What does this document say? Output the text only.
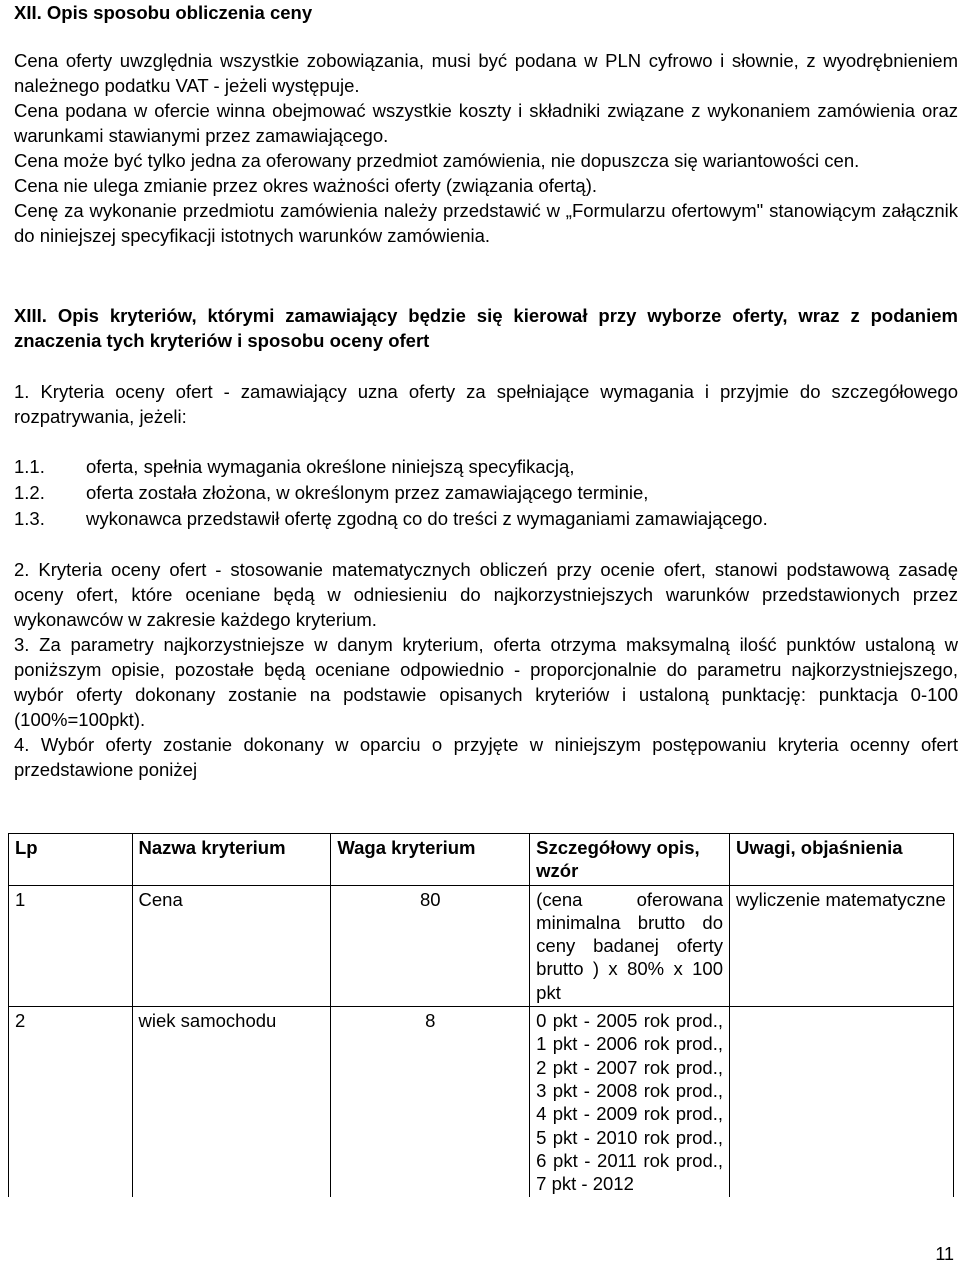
XII. Opis sposobu obliczenia ceny

Cena oferty uwzględnia wszystkie zobowiązania, musi być podana w PLN cyfrowo i słownie, z wyodrębnieniem należnego podatku VAT - jeżeli występuje.

Cena podana w ofercie winna obejmować wszystkie koszty i składniki związane z wykonaniem zamówienia oraz warunkami stawianymi przez zamawiającego.

Cena może być tylko jedna za oferowany przedmiot zamówienia, nie dopuszcza się wariantowości cen.

Cena nie ulega zmianie przez okres ważności oferty (związania ofertą).

Cenę za wykonanie przedmiotu zamówienia należy przedstawić w „Formularzu ofertowym" stanowiącym załącznik do niniejszej specyfikacji istotnych warunków zamówienia.

XIII. Opis kryteriów, którymi zamawiający będzie się kierował przy wyborze oferty, wraz z podaniem znaczenia tych kryteriów i sposobu oceny ofert

1. Kryteria oceny ofert - zamawiający uzna oferty za spełniające wymagania i przyjmie do szczegółowego rozpatrywania, jeżeli:

1.1.	oferta, spełnia wymagania określone niniejszą specyfikacją,
1.2.	oferta została złożona, w określonym przez zamawiającego terminie,
1.3.	wykonawca przedstawił ofertę zgodną co do treści z wymaganiami zamawiającego.

2. Kryteria oceny ofert - stosowanie matematycznych obliczeń przy ocenie ofert, stanowi podstawową zasadę oceny ofert, które oceniane będą w odniesieniu do najkorzystniejszych warunków przedstawionych przez wykonawców w zakresie każdego kryterium.

3. Za parametry najkorzystniejsze w danym kryterium, oferta otrzyma maksymalną ilość punktów ustaloną w poniższym opisie, pozostałe będą oceniane odpowiednio - proporcjonalnie do parametru najkorzystniejszego, wybór oferty dokonany zostanie na podstawie opisanych kryteriów i ustaloną punktację: punktacja 0-100 (100%=100pkt).

4. Wybór oferty zostanie dokonany w oparciu o przyjęte w niniejszym postępowaniu kryteria ocenny ofert przedstawione poniżej

Lp	Nazwa kryterium	Waga kryterium	Szczegółowy opis, wzór	Uwagi, objaśnienia
1	Cena	80	(cena oferowana minimalna brutto do ceny badanej oferty brutto ) x 80% x 100 pkt	wyliczenie matematyczne
2	wiek samochodu	8	0 pkt - 2005 rok prod., 1 pkt - 2006 rok prod., 2 pkt - 2007 rok prod., 3 pkt - 2008 rok prod., 4 pkt - 2009 rok prod., 5 pkt - 2010 rok prod., 6 pkt - 2011 rok prod., 7 pkt - 2012	
11
